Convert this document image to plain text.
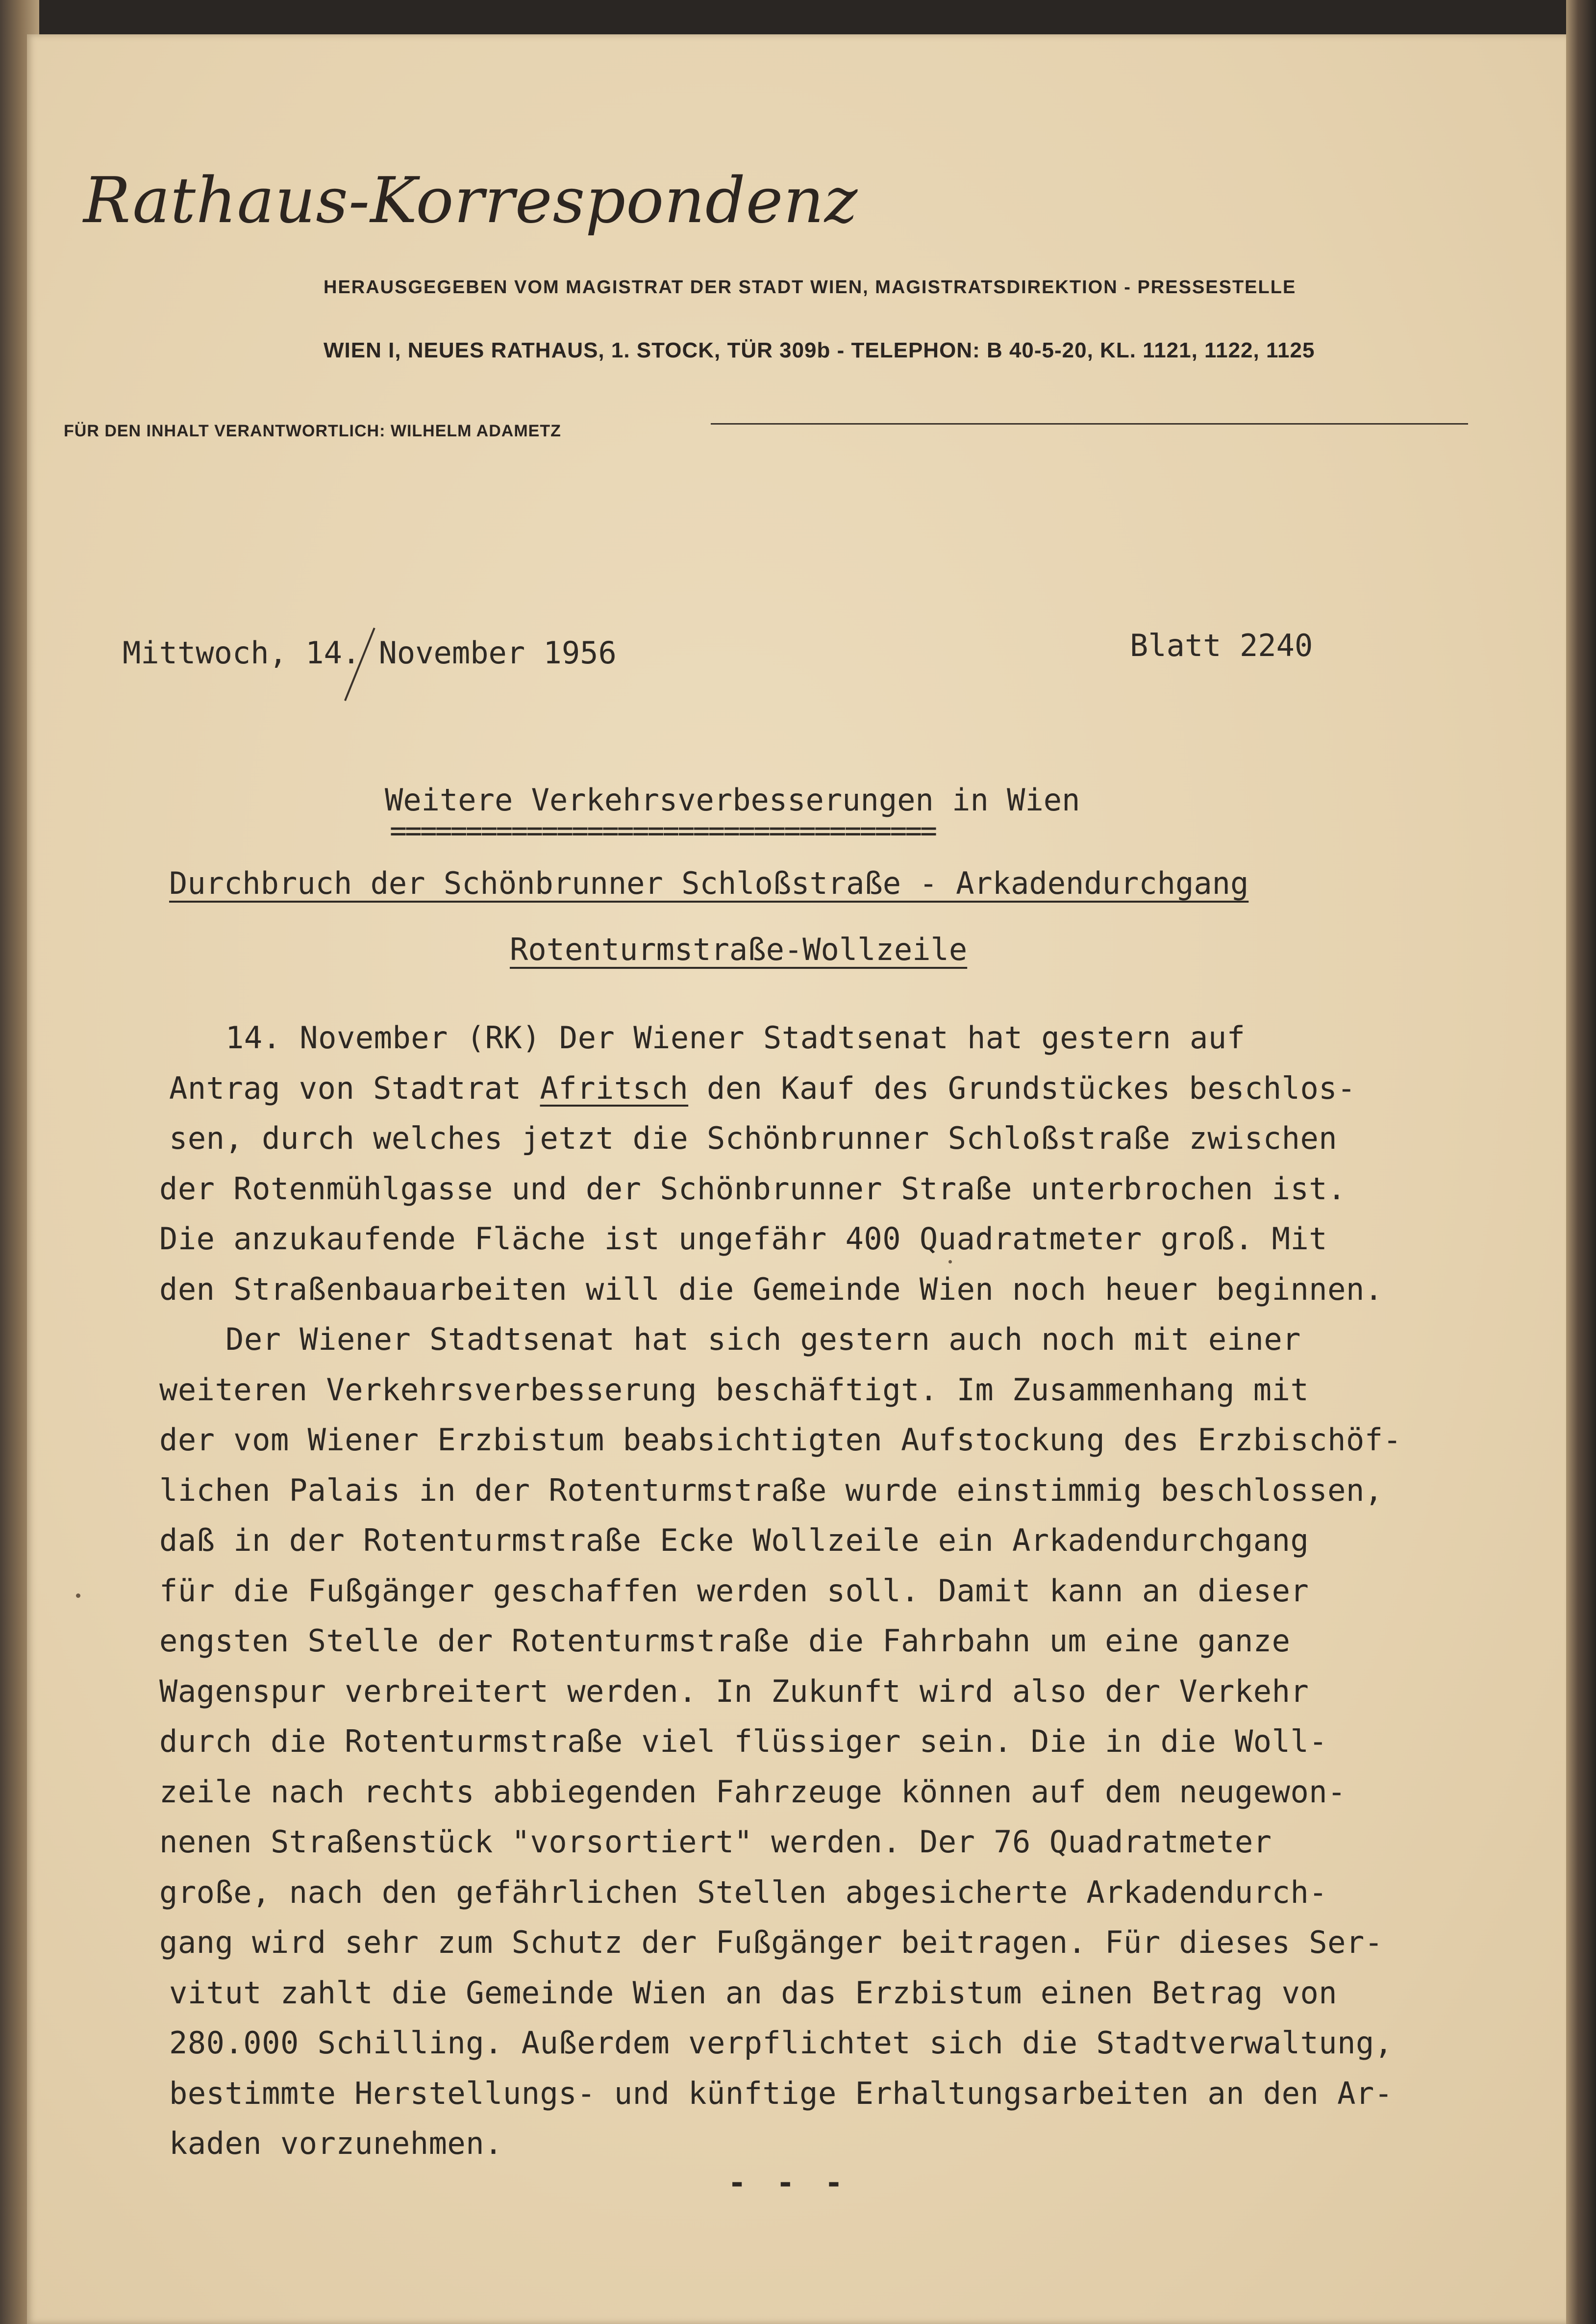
Rathaus-Korrespondenz
HERAUSGEGEBEN VOM MAGISTRAT DER STADT WIEN, MAGISTRATSDIREKTION - PRESSESTELLE
WIEN I, NEUES RATHAUS, 1. STOCK, TÜR 309b - TELEPHON: B 40-5-20, KL. 1121, 1122, 1125
FÜR DEN INHALT VERANTWORTLICH: WILHELM ADAMETZ
Mittwoch, 14. November 1956	Blatt 2240
Weitere Verkehrsverbesserungen in Wien
====================================
Durchbruch der Schönbrunner Schloßstraße - Arkadendurchgang
Rotenturmstraße-Wollzeile
14. November (RK) Der Wiener Stadtsenat hat gestern auf
Antrag von Stadtrat Afritsch den Kauf des Grundstückes beschlos-
sen, durch welches jetzt die Schönbrunner Schloßstraße zwischen
der Rotenmühlgasse und der Schönbrunner Straße unterbrochen ist.
Die anzukaufende Fläche ist ungefähr 400 Quadratmeter groß. Mit
den Straßenbauarbeiten will die Gemeinde Wien noch heuer beginnen.
Der Wiener Stadtsenat hat sich gestern auch noch mit einer
weiteren Verkehrsverbesserung beschäftigt. Im Zusammenhang mit
der vom Wiener Erzbistum beabsichtigten Aufstockung des Erzbischöf-
lichen Palais in der Rotenturmstraße wurde einstimmig beschlossen,
daß in der Rotenturmstraße Ecke Wollzeile ein Arkadendurchgang
für die Fußgänger geschaffen werden soll. Damit kann an dieser
engsten Stelle der Rotenturmstraße die Fahrbahn um eine ganze
Wagenspur verbreitert werden. In Zukunft wird also der Verkehr
durch die Rotenturmstraße viel flüssiger sein. Die in die Woll-
zeile nach rechts abbiegenden Fahrzeuge können auf dem neugewon-
nenen Straßenstück "vorsortiert" werden. Der 76 Quadratmeter
große, nach den gefährlichen Stellen abgesicherte Arkadendurch-
gang wird sehr zum Schutz der Fußgänger beitragen. Für dieses Ser-
vitut zahlt die Gemeinde Wien an das Erzbistum einen Betrag von
280.000 Schilling. Außerdem verpflichtet sich die Stadtverwaltung,
bestimmte Herstellungs- und künftige Erhaltungsarbeiten an den Ar-
kaden vorzunehmen.
- - -
